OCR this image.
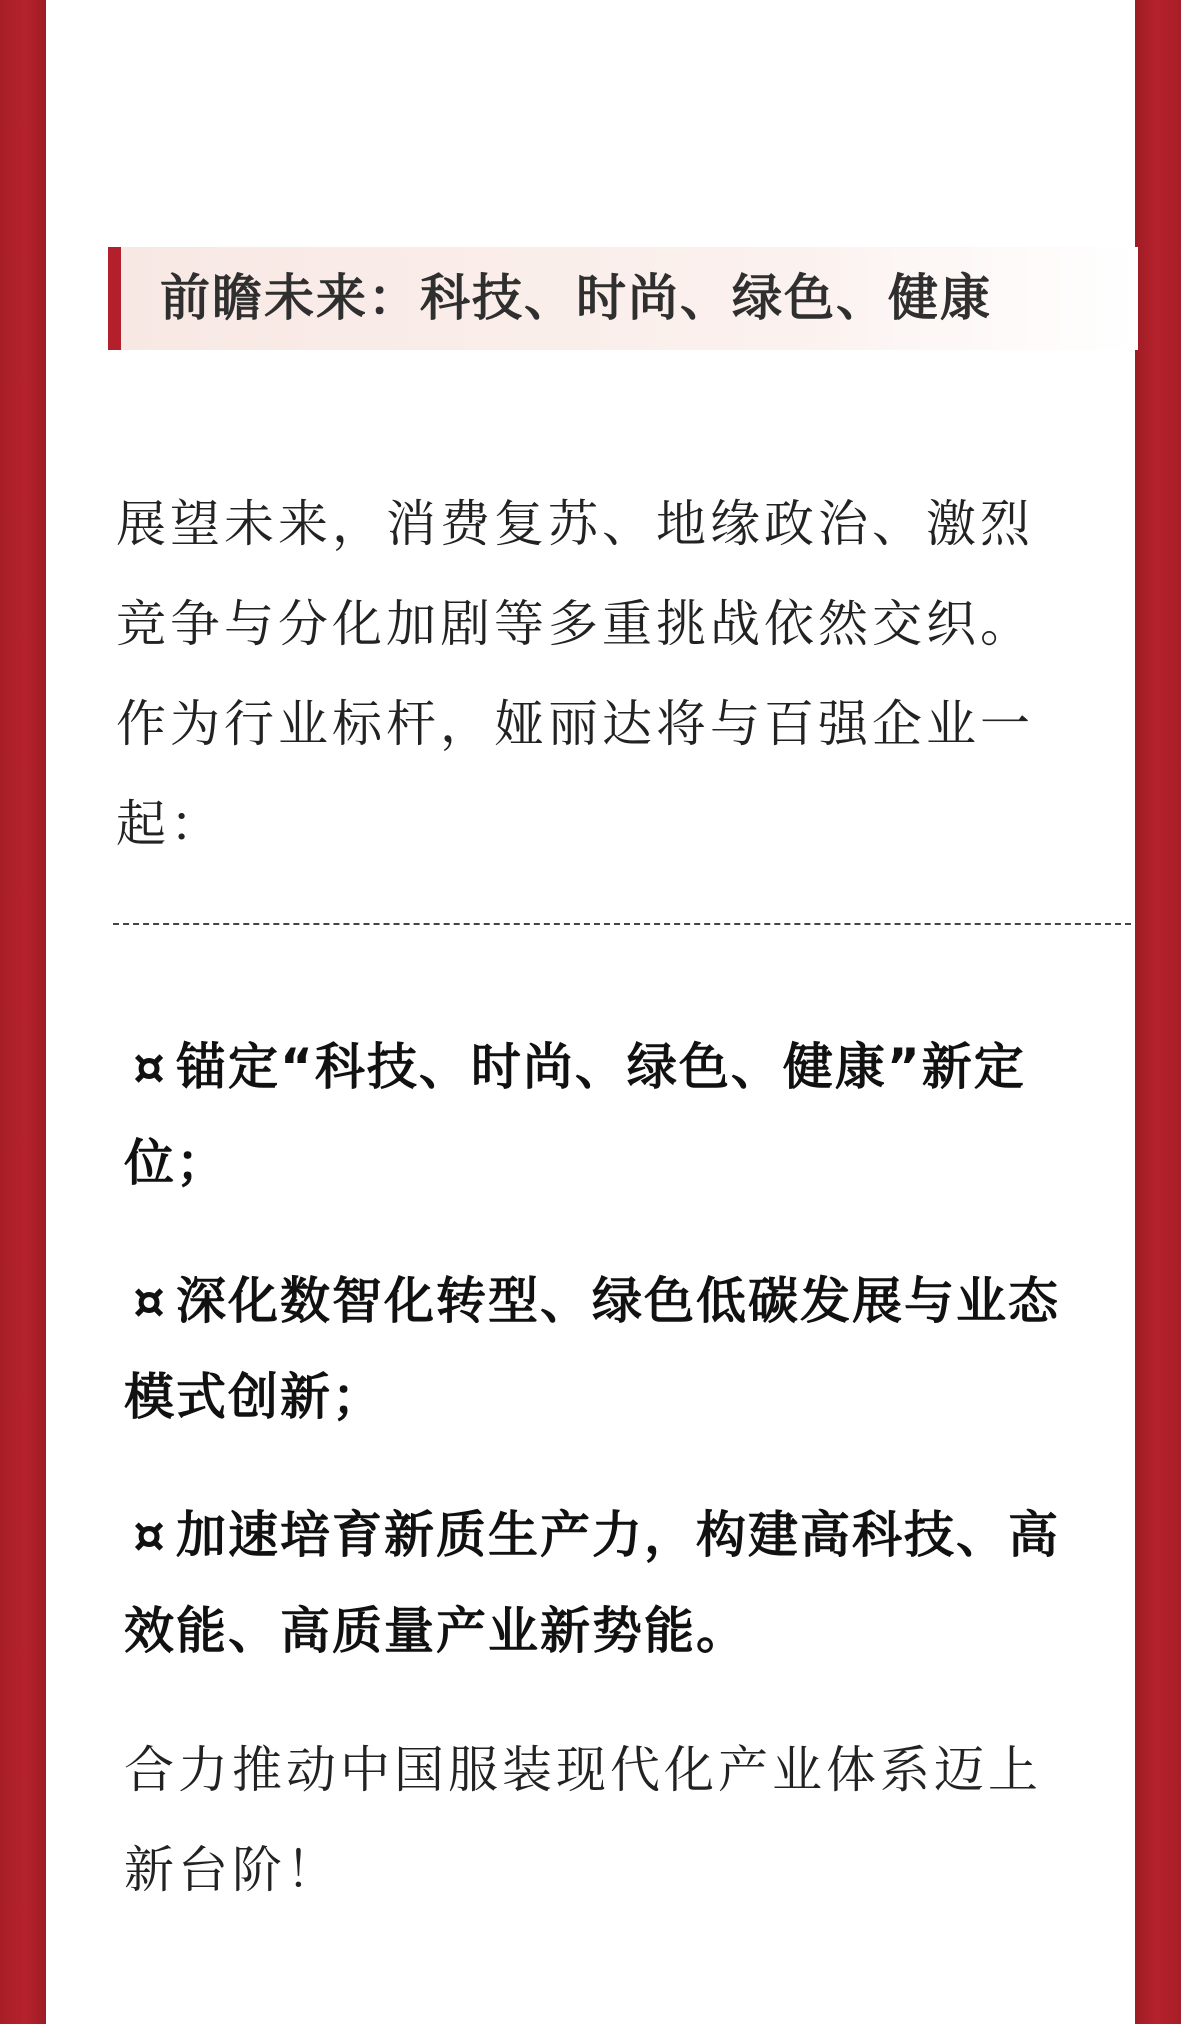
前瞻未来：科技、时尚、绿色、健康
展望未来，消费复苏、地缘政治、激烈竞争与分化加剧等多重挑战依然交织。作为行业标杆，娅丽达将与百强企业一起：
¤ 锚定“科技、时尚、绿色、健康”新定位；
¤ 深化数智化转型、绿色低碳发展与业态模式创新；
¤ 加速培育新质生产力，构建高科技、高效能、高质量产业新势能。
合力推动中国服装现代化产业体系迈上新台阶！
